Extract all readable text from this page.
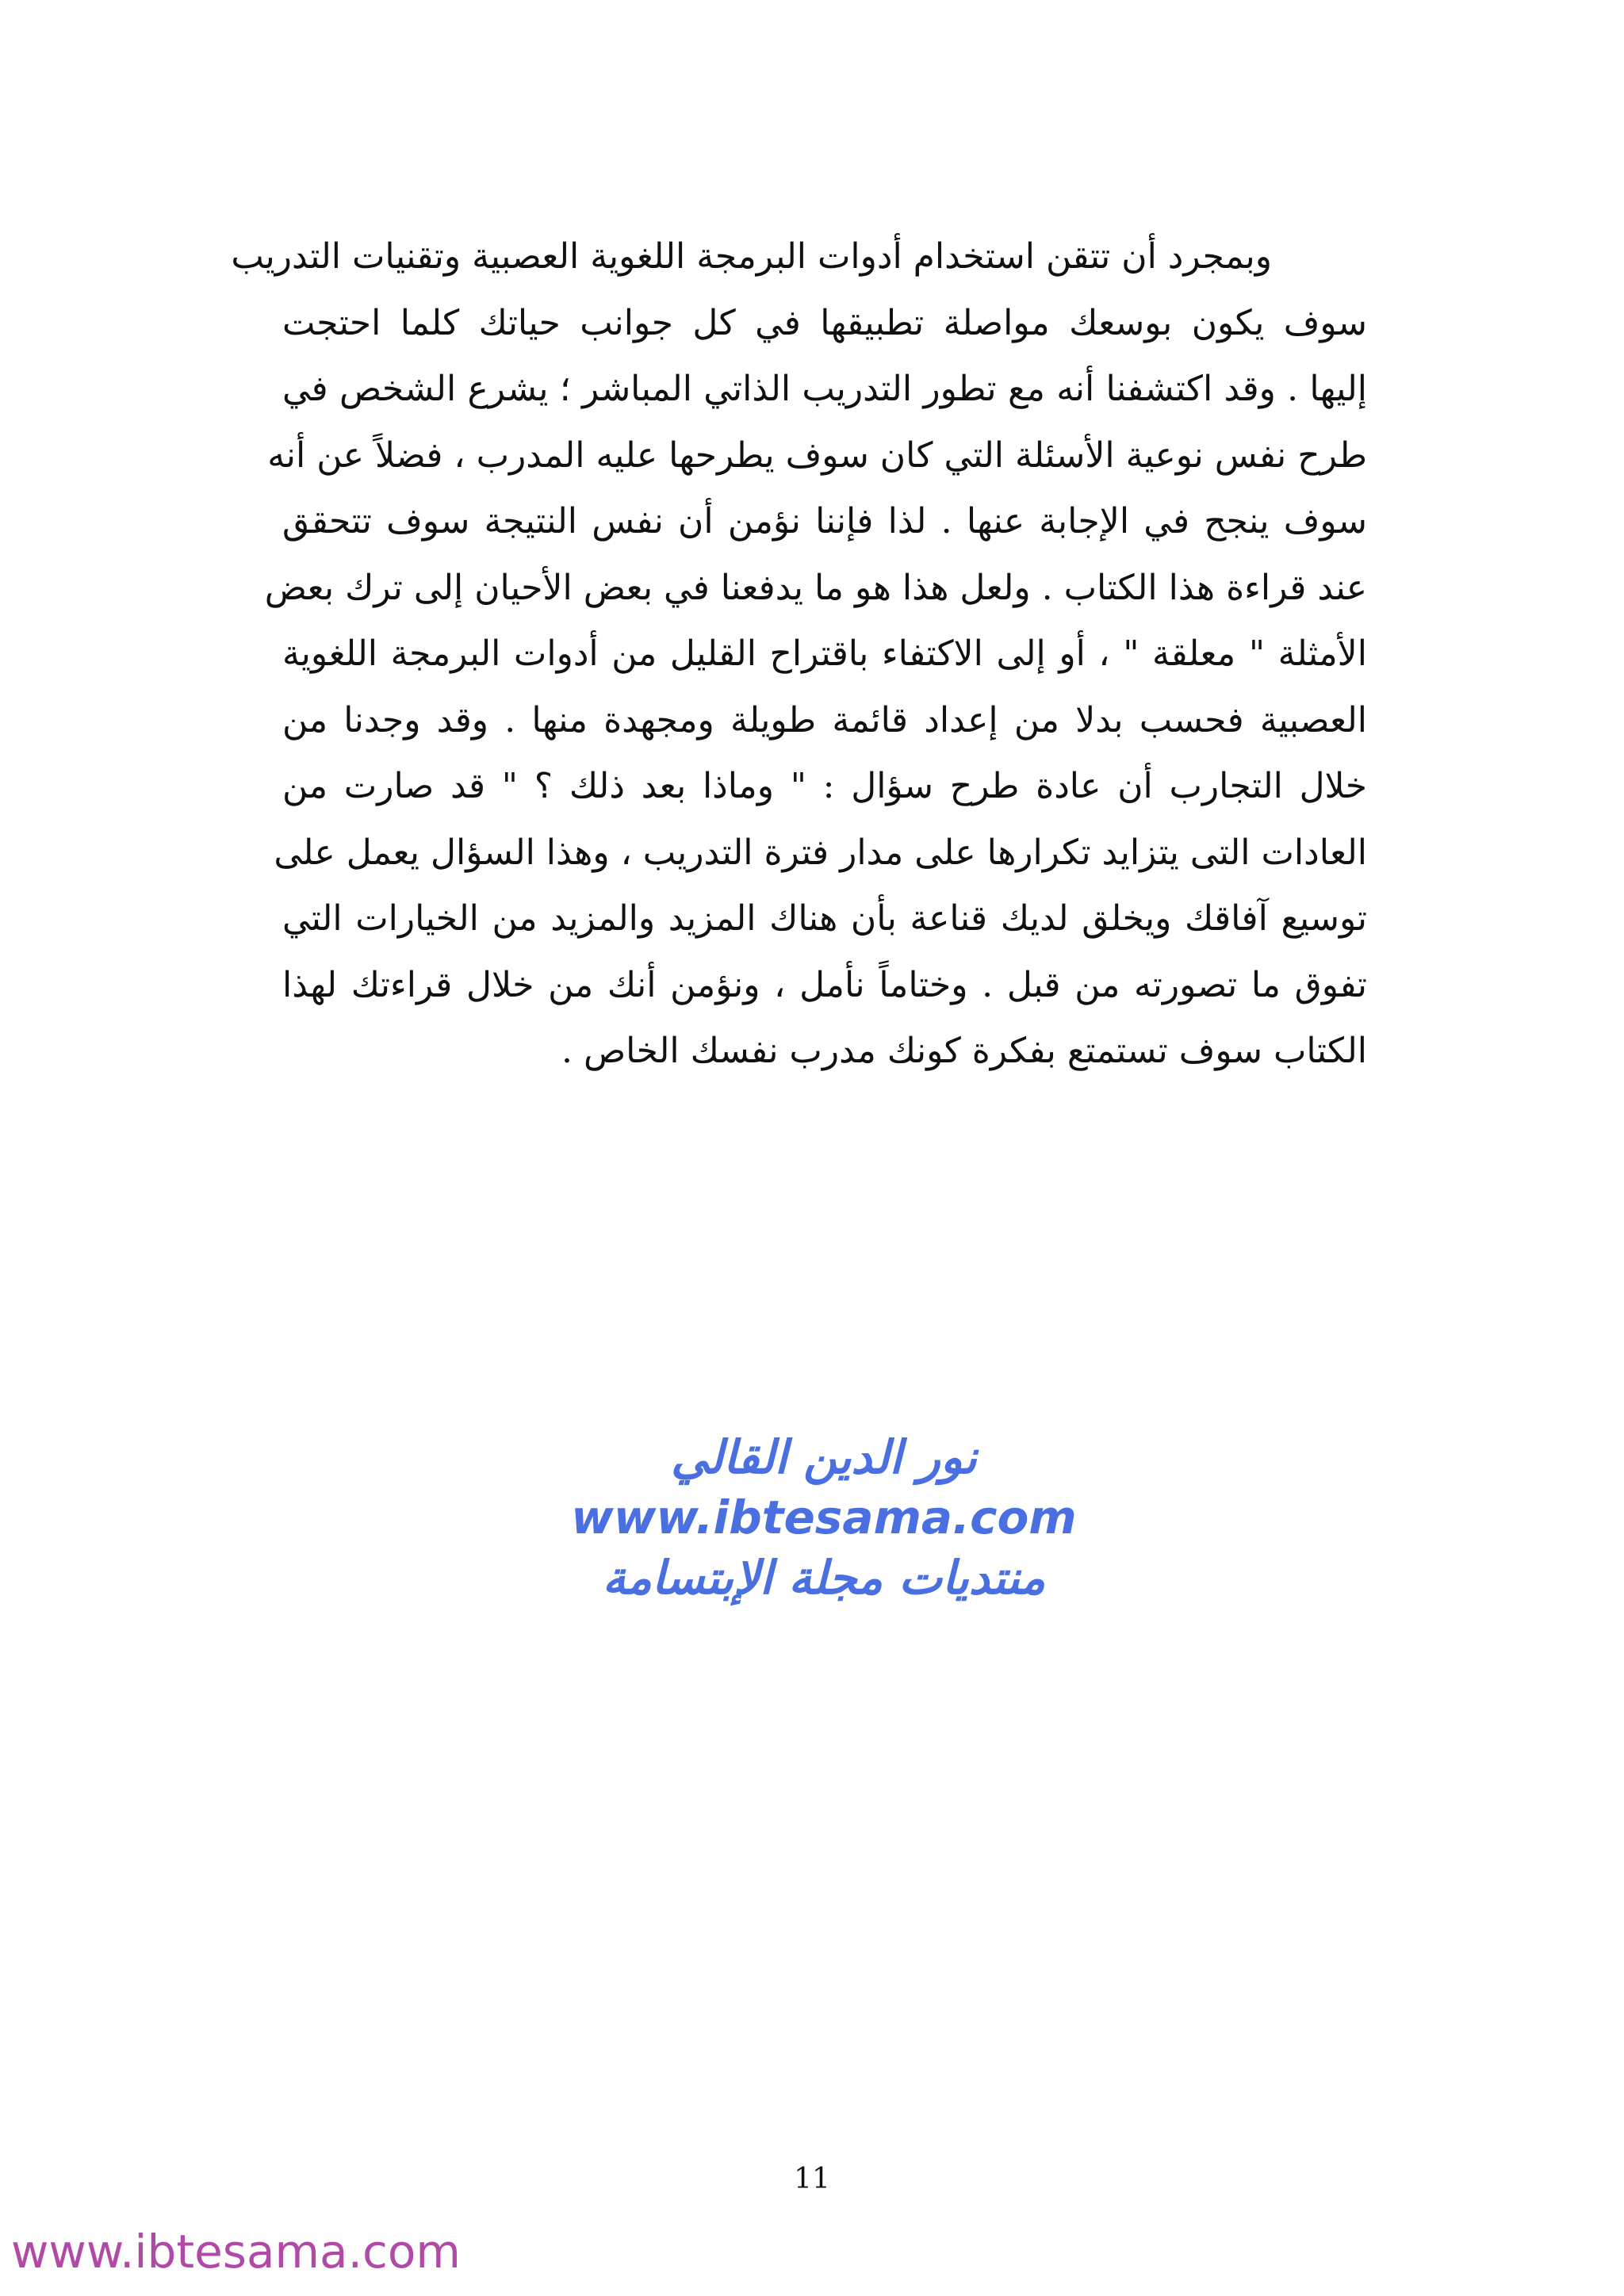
وبمجرد أن تتقن استخدام أدوات البرمجة اللغوية العصبية وتقنيات التدريب
سوف يكون بوسعك مواصلة تطبيقها في كل جوانب حياتك كلما احتجت
إليها . وقد اكتشفنا أنه مع تطور التدريب الذاتي المباشر ؛ يشرع الشخص في
طرح نفس نوعية الأسئلة التي كان سوف يطرحها عليه المدرب ، فضلاً عن أنه
سوف ينجح في الإجابة عنها . لذا فإننا نؤمن أن نفس النتيجة سوف تتحقق
عند قراءة هذا الكتاب . ولعل هذا هو ما يدفعنا في بعض الأحيان إلى ترك بعض
الأمثلة " معلقة " ، أو إلى الاكتفاء باقتراح القليل من أدوات البرمجة اللغوية
العصبية فحسب بدلا من إعداد قائمة طويلة ومجهدة منها . وقد وجدنا من
خلال التجارب أن عادة طرح سؤال : " وماذا بعد ذلك ؟ " قد صارت من
العادات التى يتزايد تكرارها على مدار فترة التدريب ، وهذا السؤال يعمل على
توسيع آفاقك ويخلق لديك قناعة بأن هناك المزيد والمزيد من الخيارات التي
تفوق ما تصورته من قبل . وختاماً نأمل ، ونؤمن أنك من خلال قراءتك لهذا
الكتاب سوف تستمتع بفكرة كونك مدرب نفسك الخاص .
نور الدين القالي
www.ibtesama.com
منتديات مجلة الإبتسامة
11
www.ibtesama.com
